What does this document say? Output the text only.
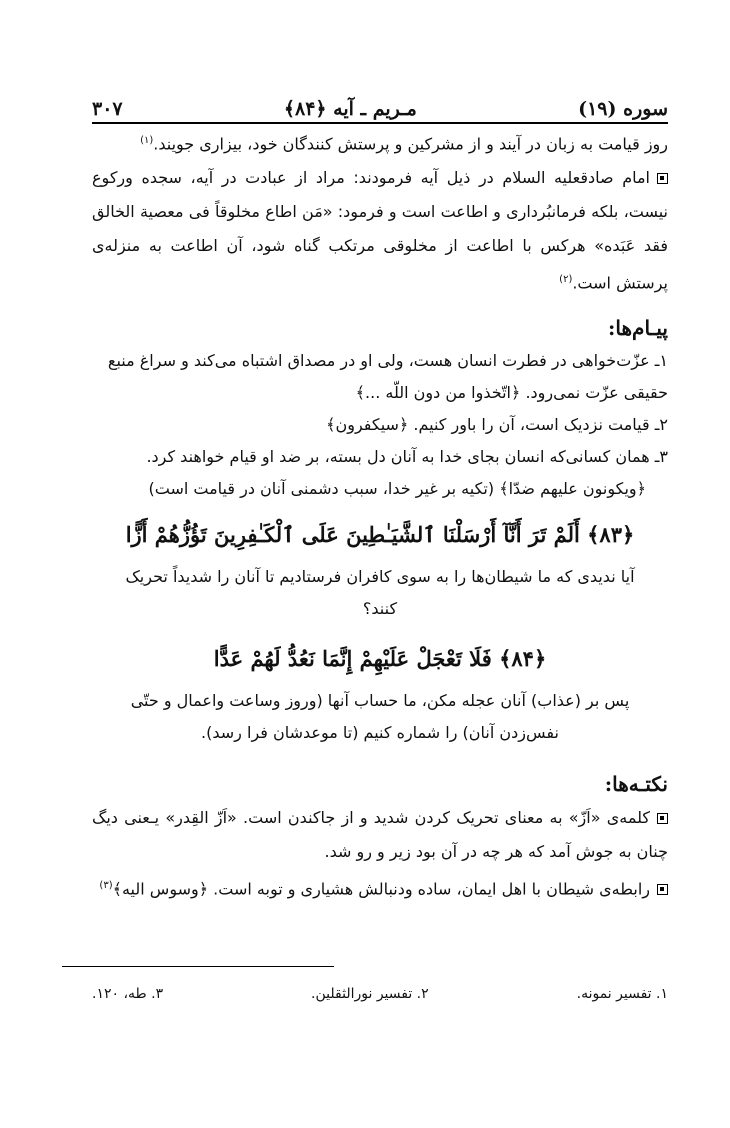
سوره (۱۹)
مـريم ـ آيه ﴿۸۴﴾
۳۰۷

روز قيامت به زبان در آيند و از مشركين و پرستش كنندگان خود، بيزارى جويند.$^{(۱)}$

امام صادقعليه السلام در ذيل آيه فرمودند: مراد از عبادت در آيه، سجده وركوع نيست، بلكه فرمانبُردارى و اطاعت است و فرمود: «مَن اطاع مخلوقاً فى معصية الخالق فقد عَبَده» هركس با اطاعت از مخلوقى مرتكب گناه شود، آن اطاعت به منزله‌ى پرستش است.$^{(۲)}$

پيـام‌ها:

۱ـ عزّت‌خواهى در فطرت انسان هست، ولى او در مصداق اشتباه مى‌كند و سراغ منبع حقيقى عزّت نمى‌رود. ﴿اتّخذوا من دون اللّه ...﴾

۲ـ قيامت نزديک است، آن را باور كنيم. ﴿سيكفرون﴾

۳ـ همان كسانى‌كه انسان بجاى خدا به آنان دل بسته، بر ضد او قيام خواهند كرد.

﴿ويكونون عليهم ضدّا﴾ (تكيه بر غير خدا، سبب دشمنى آنان در قيامت است)

﴿۸۳﴾ أَلَمْ تَرَ أَنَّآ أَرْسَلْنَا ٱلشَّيَـٰطِينَ عَلَى ٱلْكَـٰفِرِينَ تَؤُزُّهُمْ أَزًّا

آيا نديدى كه ما شيطان‌ها را به سوى كافران فرستاديم تا آنان را شديداً تحريک كنند؟

﴿۸۴﴾ فَلَا تَعْجَلْ عَلَيْهِمْ إِنَّمَا نَعُدُّ لَهُمْ عَدًّا

پس بر (عذاب) آنان عجله مكن، ما حساب آنها (وروز وساعت واعمال و حتّى نفس‌زدن آنان) را شماره كنيم (تا موعدشان فرا رسد).

نكتـه‌ها:

كلمه‌ى «اَزّ» به معناى تحريک كردن شديد و از جاكندن است. «اَزّ القِدر» يـعنى ديگ چنان به جوش آمد كه هر چه در آن بود زير و رو شد.

رابطه‌ى شيطان با اهل ايمان، ساده ودنبالش هشيارى و توبه است. ﴿وسوس اليه﴾$^{(۳)}$

۱. تفسير نمونه.
۲. تفسير نورالثقلين.
۳. طه، ۱۲۰.
